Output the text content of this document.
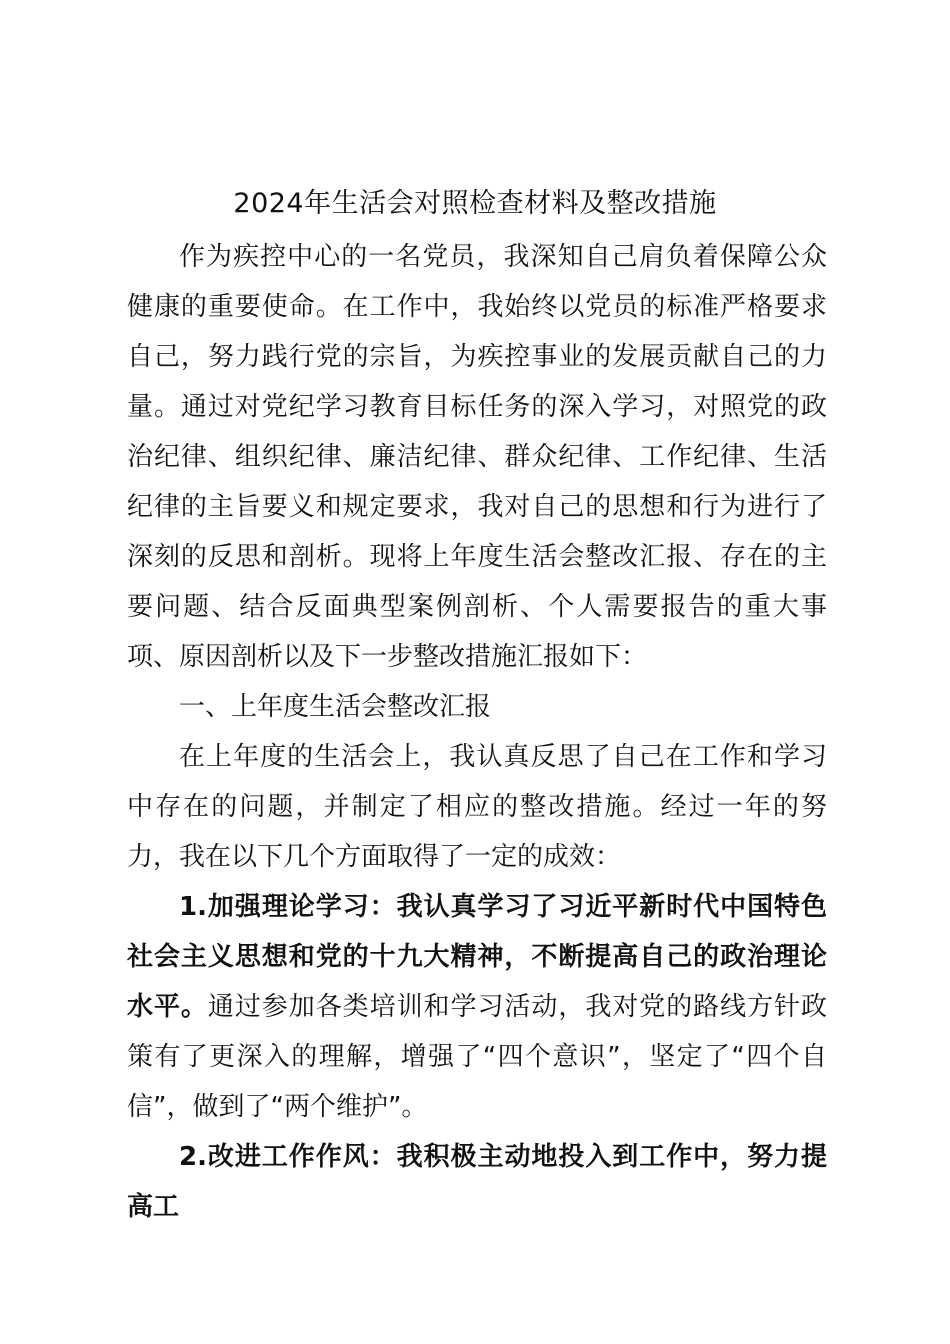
2024年生活会对照检查材料及整改措施

作为疾控中心的一名党员，我深知自己肩负着保障公众健康的重要使命。在工作中，我始终以党员的标准严格要求自己，努力践行党的宗旨，为疾控事业的发展贡献自己的力量。通过对党纪学习教育目标任务的深入学习，对照党的政治纪律、组织纪律、廉洁纪律、群众纪律、工作纪律、生活纪律的主旨要义和规定要求，我对自己的思想和行为进行了深刻的反思和剖析。现将上年度生活会整改汇报、存在的主要问题、结合反面典型案例剖析、个人需要报告的重大事项、原因剖析以及下一步整改措施汇报如下：

一、上年度生活会整改汇报

在上年度的生活会上，我认真反思了自己在工作和学习中存在的问题，并制定了相应的整改措施。经过一年的努力，我在以下几个方面取得了一定的成效：

1.加强理论学习：我认真学习了习近平新时代中国特色社会主义思想和党的十九大精神，不断提高自己的政治理论水平。通过参加各类培训和学习活动，我对党的路线方针政策有了更深入的理解，增强了“四个意识”，坚定了“四个自信”，做到了“两个维护”。

2.改进工作作风：我积极主动地投入到工作中，努力提高工
